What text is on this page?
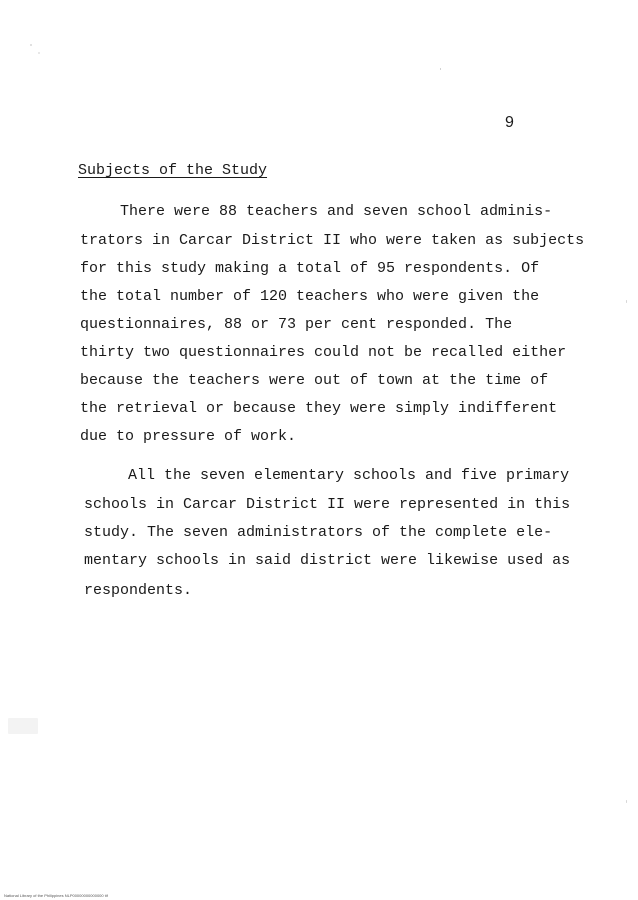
9
Subjects of the Study
There were 88 teachers and seven school adminis-
trators in Carcar District II who were taken as subjects
for this study making a total of 95 respondents. Of
the total number of 120 teachers who were given the
questionnaires, 88 or 73 per cent responded. The
thirty two questionnaires could not be recalled either
because the teachers were out of town at the time of
the retrieval or because they were simply indifferent
due to pressure of work.
All the seven elementary schools and five primary
schools in Carcar District II were represented in this
study. The seven administrators of the complete ele-
mentary schools in said district were likewise used as
respondents.
National Library of the Philippines NLP00000000000000 tif
